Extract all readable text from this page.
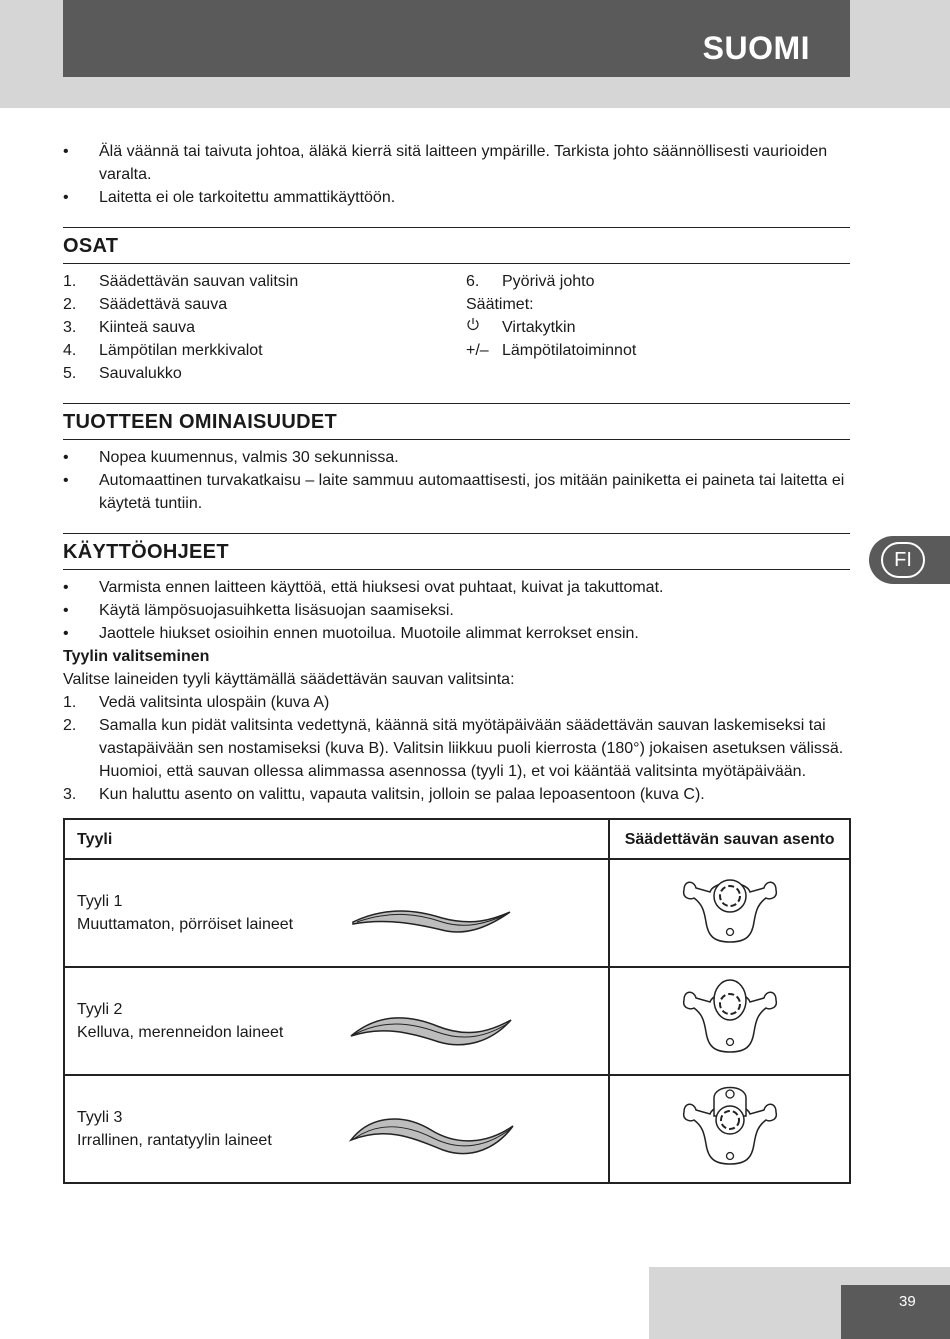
SUOMI
•	Älä väännä tai taivuta johtoa, äläkä kierrä sitä laitteen ympärille. Tarkista johto säännöllisesti vaurioiden varalta.
•	Laitetta ei ole tarkoitettu ammattikäyttöön.
OSAT
1. Säädettävän sauvan valitsin
2. Säädettävä sauva
3. Kiinteä sauva
4. Lämpötilan merkkivalot
5. Sauvalukko
6. Pyörivä johto
Säätimet:
Virtakytkin
+/– Lämpötilatoiminnot
TUOTTEEN OMINAISUUDET
•	Nopea kuumennus, valmis 30 sekunnissa.
•	Automaattinen turvakatkaisu – laite sammuu automaattisesti, jos mitään painiketta ei paineta tai laitetta ei käytetä tuntiin.
KÄYTTÖOHJEET
•	Varmista ennen laitteen käyttöä, että hiuksesi ovat puhtaat, kuivat ja takuttomat.
•	Käytä lämpösuojasuihketta lisäsuojan saamiseksi.
•	Jaottele hiukset osioihin ennen muotoilua. Muotoile alimmat kerrokset ensin.

Tyylin valitseminen

Valitse laineiden tyyli käyttämällä säädettävän sauvan valitsinta:

1. Vedä valitsinta ulospäin (kuva A)
2. Samalla kun pidät valitsinta vedettynä, käännä sitä myötäpäivään säädettävän sauvan laskemiseksi tai vastapäivään sen nostamiseksi (kuva B). Valitsin liikkuu puoli kierrosta (180°) jokaisen asetuksen välissä. Huomioi, että sauvan ollessa alimmassa asennossa (tyyli 1), et voi kääntää valitsinta myötäpäivään.
3. Kun haluttu asento on valittu, vapauta valitsin, jolloin se palaa lepoasentoon (kuva C).
Tyyli	Säädettävän sauvan asento

Tyyli 1
Muuttamaton, pörröiset laineet

Tyyli 2
Kelluva, merenneidon laineet

Tyyli 3
Irrallinen, rantatyylin laineet

FI
39
